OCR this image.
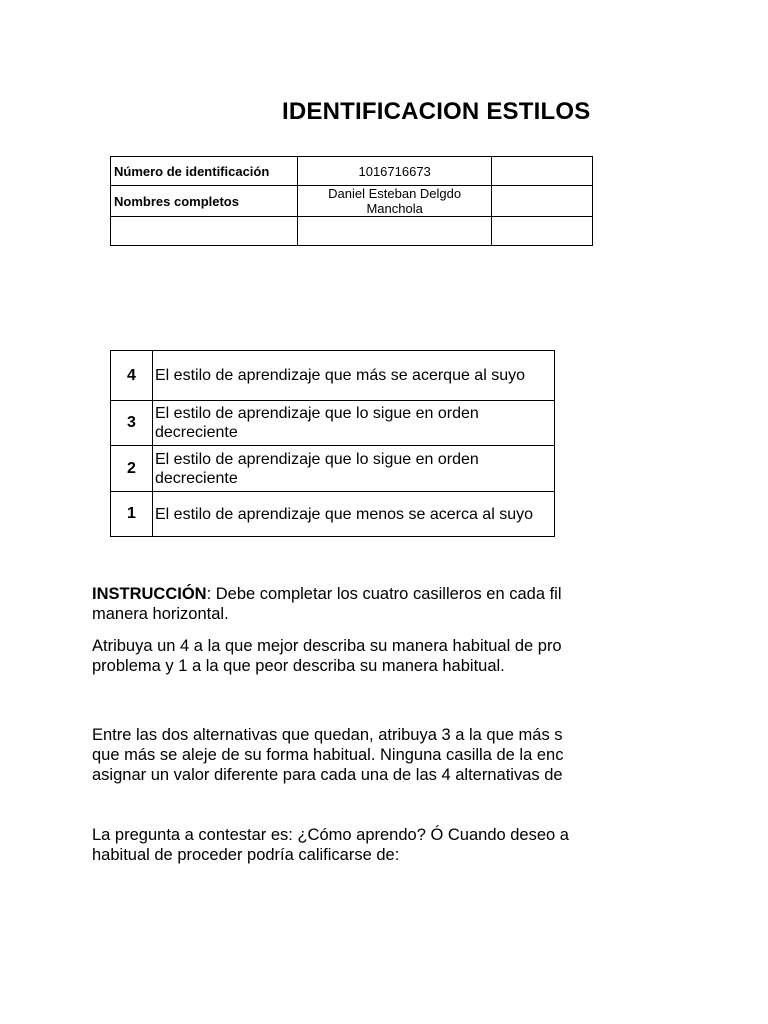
IDENTIFICACION ESTILOS
Número de identificación	1016716673	
Nombres completos	Daniel Esteban Delgdo Manchola	

4	El estilo de aprendizaje que más se acerque al suyo
3	El estilo de aprendizaje que lo sigue en orden decreciente
2	El estilo de aprendizaje que lo sigue en orden decreciente
1	El estilo de aprendizaje que menos se acerca al suyo
INSTRUCCIÓN: Debe completar los cuatro casilleros en cada fil
manera horizontal.
Atribuya un 4 a la que mejor describa su manera habitual de pro
problema y 1 a la que peor describa su manera habitual.
Entre las dos alternativas que quedan, atribuya 3 a la que más s
que más se aleje de su forma habitual. Ninguna casilla de la enc
asignar un valor diferente para cada una de las 4 alternativas de
La pregunta a contestar es: ¿Cómo aprendo? Ó Cuando deseo a
habitual de proceder podría calificarse de:
